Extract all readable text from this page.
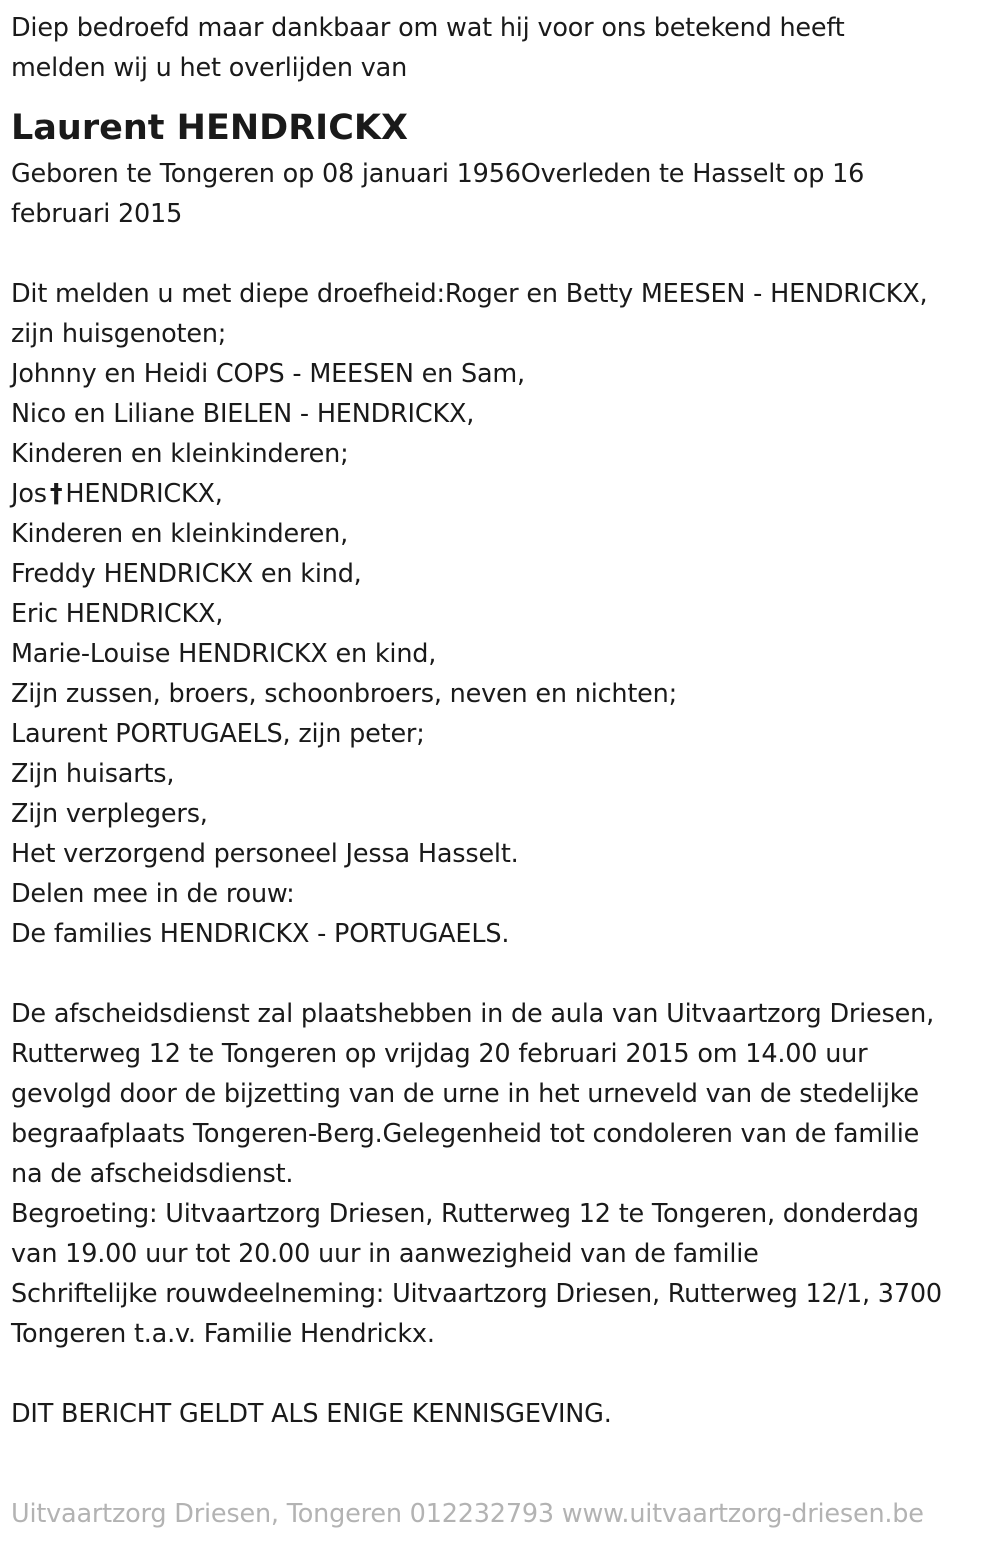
Diep bedroefd maar dankbaar om wat hij voor ons betekend heeft
melden wij u het overlijden van
Laurent HENDRICKX
Geboren te Tongeren op 08 januari 1956Overleden te Hasselt op 16
februari 2015
Dit melden u met diepe droefheid:Roger en Betty MEESEN - HENDRICKX,
zijn huisgenoten;
Johnny en Heidi COPS - MEESEN en Sam,
Nico en Liliane BIELEN - HENDRICKX,
Kinderen en kleinkinderen;
Jos † HENDRICKX,
Kinderen en kleinkinderen,
Freddy HENDRICKX en kind,
Eric HENDRICKX,
Marie-Louise HENDRICKX en kind,
Zijn zussen, broers, schoonbroers, neven en nichten;
Laurent PORTUGAELS, zijn peter;
Zijn huisarts,
Zijn verplegers,
Het verzorgend personeel Jessa Hasselt.
Delen mee in de rouw:
De families HENDRICKX - PORTUGAELS.
De afscheidsdienst zal plaatshebben in de aula van Uitvaartzorg Driesen,
Rutterweg 12 te Tongeren op vrijdag 20 februari 2015 om 14.00 uur
gevolgd door de bijzetting van de urne in het urneveld van de stedelijke
begraafplaats Tongeren-Berg.Gelegenheid tot condoleren van de familie
na de afscheidsdienst.
Begroeting: Uitvaartzorg Driesen, Rutterweg 12 te Tongeren, donderdag
van 19.00 uur tot 20.00 uur in aanwezigheid van de familie
Schriftelijke rouwdeelneming: Uitvaartzorg Driesen, Rutterweg 12/1, 3700
Tongeren t.a.v. Familie Hendrickx.
DIT BERICHT GELDT ALS ENIGE KENNISGEVING.
Uitvaartzorg Driesen, Tongeren 012232793 www.uitvaartzorg-driesen.be
